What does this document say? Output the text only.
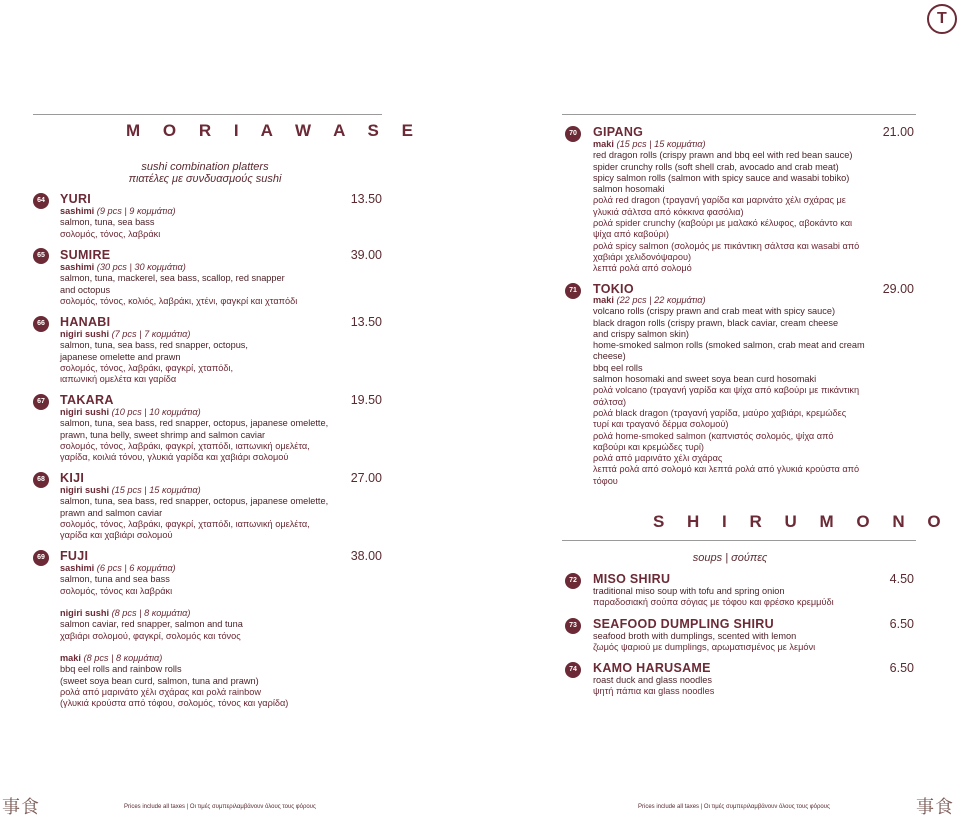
T
M O R I A W A S E
sushi combination platters
πιατέλες με συνδυασμούς sushi
64	YURI	13.50
sashimi (9 pcs | 9 κομμάτια)
salmon, tuna, sea bass
σολομός, τόνος, λαβράκι
65	SUMIRE	39.00
sashimi (30 pcs | 30 κομμάτια)
salmon, tuna, mackerel, sea bass, scallop, red snapper
and octopus
σολομός, τόνος, κολιός, λαβράκι, χτένι, φαγκρί και χταπόδι
66	HANABI	13.50
nigiri sushi (7 pcs | 7 κομμάτια)
salmon, tuna, sea bass, red snapper, octopus,
japanese omelette and prawn
σολομός, τόνος, λαβράκι, φαγκρί, χταπόδι,
ιαπωνική ομελέτα και γαρίδα
67	TAKARA	19.50
nigiri sushi (10 pcs | 10 κομμάτια)
salmon, tuna, sea bass, red snapper, octopus, japanese omelette,
prawn, tuna belly, sweet shrimp and salmon caviar
σολομός, τόνος, λαβράκι, φαγκρί, χταπόδι, ιαπωνική ομελέτα,
γαρίδα, κοιλιά τόνου, γλυκιά γαρίδα και χαβιάρι σολομού
68	KIJI	27.00
nigiri sushi (15 pcs | 15 κομμάτια)
salmon, tuna, sea bass, red snapper, octopus, japanese omelette,
prawn and salmon caviar
σολομός, τόνος, λαβράκι, φαγκρί, χταπόδι, ιαπωνική ομελέτα,
γαρίδα και χαβιάρι σολομού
69	FUJI	38.00
sashimi (6 pcs | 6 κομμάτια)
salmon, tuna and sea bass
σολομός, τόνος και λαβράκι
nigiri sushi (8 pcs | 8 κομμάτια)
salmon caviar, red snapper, salmon and tuna
χαβιάρι σολομού, φαγκρί, σολομός και τόνος
maki (8 pcs | 8 κομμάτια)
bbq eel rolls and rainbow rolls
(sweet soya bean curd, salmon, tuna and prawn)
ρολά από μαριν​άτο χέλι σχάρας και ρολά rainbow
(γλυκιά κρούστα από τόφου, σολομός, τόνος και γαρίδα)
70	GIPANG	21.00
maki (15 pcs | 15 κομμάτια)
red dragon rolls (crispy prawn and bbq eel with red bean sauce)
spider crunchy rolls (soft shell crab, avocado and crab meat)
spicy salmon rolls (salmon with spicy sauce and wasabi tobiko)
salmon hosomaki
ρολά red dragon (τραγανή γαρίδα και μαριν​άτο χέλι σχάρας με
γλυκιά σάλτσα από κόκκινα φασόλια)
ρολά spider crunchy (καβούρι με μαλακό κέλυφος, αβοκάντο και
ψίχα από καβούρι)
ρολά spicy salmon (σολομός με πικάντικη σάλτσα και wasabi από
χαβιάρι χελιδονόψαρου)
λεπτά ρολά από σολομό
71	TOKIO	29.00
maki (22 pcs | 22 κομμάτια)
volcano rolls (crispy prawn and crab meat with spicy sauce)
black dragon rolls (crispy prawn, black caviar, cream cheese
and crispy salmon skin)
home-smoked salmon rolls (smoked salmon, crab meat and cream
cheese)
bbq eel rolls
salmon hosomaki and sweet soya bean curd hosomaki
ρολά volcano (τραγανή γαρίδα και ψίχα από καβούρι με πικάντικη
σάλτσα)
ρολά black dragon (τραγανή γαρίδα, μαύρο χαβιάρι, κρεμώδες
τυρί και τραγανό δέρμα σολομού)
ρολά home-smoked salmon (καπνιστός σολομός, ψίχα από
καβούρι και κρεμώδες τυρί)
ρολά από μαριν​άτο χέλι σχάρας
λεπτά ρολά από σολομό και λεπτά ρολά από γλυκιά κρούστα από
τόφου
S H I R U M O N O
soups | σούπες
72	MISO SHIRU	4.50
traditional miso soup with tofu and spring onion
παραδοσιακή σούπα σόγιας με τόφου και φρέσκο κρεμμύδι
73	SEAFOOD DUMPLING SHIRU	6.50
seafood broth with dumplings, scented with lemon
ζωμός ψαριού με dumplings, αρωματισμένος με λεμόνι
74	KAMO HARUSAME	6.50
roast duck and glass noodles
ψητή πάπια και glass noodles
事食	Prices include all taxes | Οι τιμές συμπεριλαμβάνουν όλους τους φόρους	Prices include all taxes | Οι τιμές συμπεριλαμβάνουν όλους τους φόρους	事食
